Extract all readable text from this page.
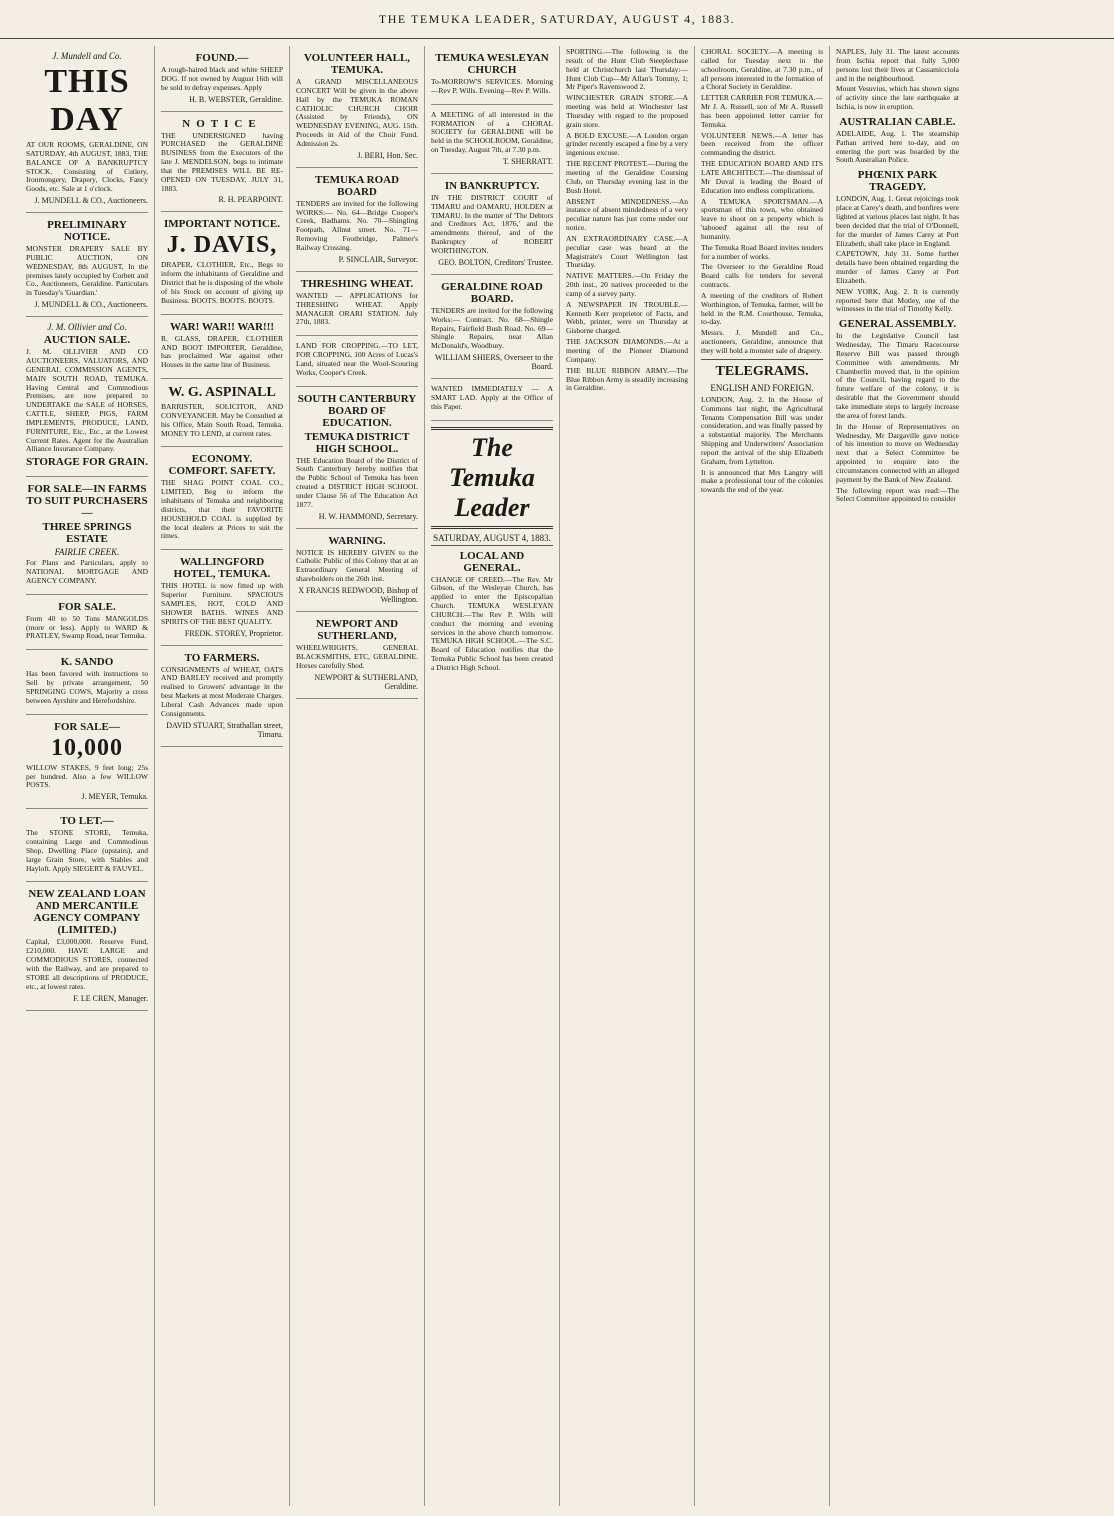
THE TEMUKA LEADER, SATURDAY, AUGUST 4, 1883.
J. Mundell and Co.
THIS DAY
AT OUR ROOMS, GERALDINE, ON SATURDAY, 4th AUGUST, 1883, THE BALANCE OF A BANKRUPTCY STOCK. Consisting of Cutlery, Ironmongery, Drapery, Clocks, Fancy Goods, etc. Sale at 1 o'clock.
J. MUNDELL & CO., Auctioneers.
PRELIMINARY NOTICE.
MONSTER DRAPERY SALE BY PUBLIC AUCTION, ON WEDNESDAY, 8th AUGUST, In the premises lately occupied by Corbett and Co., Auctioneers, Geraldine. Particulars in Tuesday's 'Guardian.'
J. MUNDELL & CO., Auctioneers.
J. M. Ollivier and Co.
AUCTION SALE.
J. M. OLLIVIER AND CO AUCTIONEERS, VALUATORS, AND GENERAL COMMISSION AGENTS, MAIN SOUTH ROAD, TEMUKA. Having Central and Commodious Premises, are now prepared to UNDERTAKE the SALE of HORSES, CATTLE, SHEEP, PIGS, FARM IMPLEMENTS, PRODUCE, LAND, FURNITURE, Etc., Etc., at the Lowest Current Rates. Agent for the Australian Alliance Insurance Company.
STORAGE FOR GRAIN.
FOR SALE—IN FARMS TO SUIT PURCHASERS—
THREE SPRINGS ESTATE
FAIRLIE CREEK.
For Plans and Particulars, apply to NATIONAL MORTGAGE AND AGENCY COMPANY.
FOR SALE.
From 40 to 50 Tons MANGOLDS (more or less). Apply to WARD & PRATLEY, Swamp Road, near Temuka.
K. SANDO
Has been favored with instructions to Sell by private arrangement, 50 SPRINGING COWS, Majority a cross between Ayrshire and Herefordshire.
FOR SALE—
10,000
WILLOW STAKES, 9 feet long; 25s per hundred. Also a few WILLOW POSTS.
J. MEYER, Temuka.
TO LET.—
The STONE STORE, Temuka, containing Large and Commodious Shop, Dwelling Place (upstairs), and large Grain Store, with Stables and Hayloft. Apply SIEGERT & FAUVEL.
NEW ZEALAND LOAN AND MERCANTILE AGENCY COMPANY (LIMITED.)
Capital, £3,000,000. Reserve Fund, £210,000. HAVE LARGE and COMMODIOUS STORES, connected with the Railway, and are prepared to STORE all descriptions of PRODUCE, etc., at lowest rates.
F. LE CREN, Manager.
FOUND.—
A rough-haired black and white SHEEP DOG. If not owned by August 16th will be sold to defray expenses. Apply
H. B. WEBSTER, Geraldine.
NOTICE
THE UNDERSIGNED having PURCHASED the GERALDINE BUSINESS from the Executors of the late J. MENDELSON, begs to intimate that the PREMISES WILL BE RE-OPENED ON TUESDAY, JULY 31, 1883.
R. H. PEARPOINT.
IMPORTANT NOTICE.
J. DAVIS,
DRAPER, CLOTHIER, Etc., Begs to inform the inhabitants of Geraldine and District that he is disposing of the whole of his Stock on account of giving up Business. BOOTS. BOOTS. BOOTS.
WAR! WAR!! WAR!!!
R. GLASS, DRAPER, CLOTHIER AND BOOT IMPORTER, Geraldine, has proclaimed War against other Houses in the same line of Business.
W. G. ASPINALL
BARRISTER, SOLICITOR, AND CONVEYANCER. May be Consulted at his Office, Main South Road, Temuka. MONEY TO LEND, at current rates.
ECONOMY. COMFORT. SAFETY.
THE SHAG POINT COAL CO., LIMITED, Beg to inform the inhabitants of Temuka and neighboring districts, that their FAVORITE HOUSEHOLD COAL is supplied by the local dealers at Prices to suit the times.
WALLINGFORD HOTEL, TEMUKA.
THIS HOTEL is now fitted up with Superior Furniture. SPACIOUS SAMPLES, HOT, COLD AND SHOWER BATHS. WINES AND SPIRITS OF THE BEST QUALITY.
FREDK. STOREY, Proprietor.
TO FARMERS.
CONSIGNMENTS of WHEAT, OATS AND BARLEY received and promptly realised to Growers' advantage in the best Markets at most Moderate Charges. Liberal Cash Advances made upon Consignments.
DAVID STUART, Strathallan street, Timaru.
VOLUNTEER HALL, TEMUKA.
A GRAND MISCELLANEOUS CONCERT Will be given in the above Hall by the TEMUKA ROMAN CATHOLIC CHURCH CHOIR (Assisted by Friends), ON WEDNESDAY EVENING, AUG. 15th. Proceeds in Aid of the Choir Fund. Admission 2s.
J. BERI, Hon. Sec.
TEMUKA ROAD BOARD
TENDERS are invited for the following WORKS:— No. 64—Bridge Cooper's Creek, Badhams. No. 70—Shingling Footpath, Allnut street. No. 71—Removing Footbridge, Palmer's Railway Crossing.
P. SINCLAIR, Surveyor.
THRESHING WHEAT.
WANTED — APPLICATIONS for THRESHING WHEAT. Apply MANAGER ORARI STATION. July 27th, 1883.
LAND FOR CROPPING.—TO LET, FOR CROPPING, 100 Acres of Lucas's Land, situated near the Wool-Scouring Works, Cooper's Creek.
SOUTH CANTERBURY BOARD OF EDUCATION.
TEMUKA DISTRICT HIGH SCHOOL.
THE Education Board of the District of South Canterbury hereby notifies that the Public School of Temuka has been created a DISTRICT HIGH SCHOOL under Clause 56 of The Education Act 1877.
H. W. HAMMOND, Secretary.
WARNING.
NOTICE IS HEREBY GIVEN to the Catholic Public of this Colony that at an Extraordinary General Meeting of shareholders on the 26th inst.
X FRANCIS REDWOOD, Bishop of Wellington.
NEWPORT AND SUTHERLAND,
WHEELWRIGHTS, GENERAL BLACKSMITHS, ETC, GERALDINE. Horses carefully Shod.
NEWPORT & SUTHERLAND, Geraldine.
TEMUKA WESLEYAN CHURCH
To-MORROW'S SERVICES. Morning—Rev P. Wills. Evening—Rev P. Wills.
A MEETING of all interested in the FORMATION of a CHORAL SOCIETY for GERALDINE will be held in the SCHOOLROOM, Geraldine, on Tuesday, August 7th, at 7.30 p.m.
T. SHERRATT.
IN BANKRUPTCY.
IN THE DISTRICT COURT of TIMARU and OAMARU, HOLDEN at TIMARU. In the matter of 'The Debtors and Creditors Act, 1876,' and the amendments thereof, and of the Bankruptcy of ROBERT WORTHINGTON.
GEO. BOLTON, Creditors' Trustee.
GERALDINE ROAD BOARD.
TENDERS are invited for the following Works:— Contract. No. 68—Shingle Repairs, Fairfield Bush Road. No. 69—Shingle Repairs, near Allan McDonald's, Woodbury.
WILLIAM SHIERS, Overseer to the Board.
WANTED IMMEDIATELY — A SMART LAD. Apply at the Office of this Paper.
The Temuka Leader
SATURDAY, AUGUST 4, 1883.
LOCAL AND GENERAL.
CHANGE OF CREED.—The Rev. Mr Gibson, of the Wesleyan Church, has applied to enter the Episcopalian Church. TEMUKA WESLEYAN CHURCH.—The Rev P. Wills will conduct the morning and evening services in the above church tomorrow. TEMUKA HIGH SCHOOL.—The S.C. Board of Education notifies that the Temuka Public School has been created a District High School.
SPORTING.—The following is the result of the Hunt Club Steeplechase held at Christchurch last Thursday:—Hunt Club Cup—Mr Allan's Tommy, 1; Mr Piper's Ravenswood 2.
WINCHESTER GRAIN STORE.—A meeting was held at Winchester last Thursday with regard to the proposed grain store.
A BOLD EXCUSE.—A London organ grinder recently escaped a fine by a very ingenious excuse.
THE RECENT PROTEST.—During the meeting of the Geraldine Coursing Club, on Thursday evening last in the Bush Hotel.
ABSENT MINDEDNESS.—An instance of absent mindedness of a very peculiar nature has just come under our notice.
AN EXTRAORDINARY CASE.—A peculiar case was heard at the Magistrate's Court Wellington last Thursday.
NATIVE MATTERS.—On Friday the 20th inst., 20 natives proceeded to the camp of a survey party.
A NEWSPAPER IN TROUBLE.—Kenneth Kerr proprietor of Facts, and Webb, printer, were on Thursday at Gisborne charged.
THE JACKSON DIAMONDS.—At a meeting of the Pioneer Diamond Company.
THE BLUE RIBBON ARMY.—The Blue Ribbon Army is steadily increasing in Geraldine.
CHORAL SOCIETY.—A meeting is called for Tuesday next in the schoolroom, Geraldine, at 7.30 p.m., of all persons interested in the formation of a Choral Society in Geraldine.
LETTER CARRIER FOR TEMUKA.—Mr J. A. Russell, son of Mr A. Russell has been appointed letter carrier for Temuka.
VOLUNTEER NEWS.—A letter has been received from the officer commanding the district.
THE EDUCATION BOARD AND ITS LATE ARCHITECT.—The dismissal of Mr Duval is leading the Board of Education into endless complications.
A TEMUKA SPORTSMAN.—A sportsman of this town, who obtained leave to shoot on a property which is 'tabooed' against all the rest of humanity.
The Temuka Road Board invites tenders for a number of works.
The Overseer to the Geraldine Road Board calls for tenders for several contracts.
A meeting of the creditors of Robert Worthington, of Temuka, farmer, will be held in the R.M. Courthouse, Temuka, to-day.
Messrs. J. Mundell and Co., auctioneers, Geraldine, announce that they will hold a monster sale of drapery.
TELEGRAMS.
ENGLISH AND FOREIGN.
LONDON, Aug. 2. In the House of Commons last night, the Agricultural Tenants Compensation Bill was under consideration, and was finally passed by a substantial majority. The Merchants Shipping and Underwriters' Association report the arrival of the ship Elizabeth Graham, from Lyttelton.
It is announced that Mrs Langtry will make a professional tour of the colonies towards the end of the year.
NAPLES, July 31. The latest accounts from Ischia report that fully 5,000 persons lost their lives at Cassamicciola and in the neighbourhood.
Mount Vesuvius, which has shown signs of activity since the late earthquake at Ischia, is now in eruption.
AUSTRALIAN CABLE.
ADELAIDE, Aug. 1. The steamship Pathan arrived here to-day, and on entering the port was boarded by the South Australian Police.
PHŒNIX PARK TRAGEDY.
LONDON, Aug. 1. Great rejoicings took place at Carey's death, and bonfires were lighted at various places last night. It has been decided that the trial of O'Donnell, for the murder of James Carey at Port Elizabeth, shall take place in England.
CAPETOWN, July 31. Some further details have been obtained regarding the murder of James Carey at Port Elizabeth.
NEW YORK, Aug. 2. It is currently reported here that Motley, one of the witnesses in the trial of Timothy Kelly.
GENERAL ASSEMBLY.
In the Legislative Council last Wednesday, The Timaru Racecourse Reserve Bill was passed through Committee with amendments. Mr Chamberlin moved that, in the opinion of the Council, having regard to the future welfare of the colony, it is desirable that the Government should take immediate steps to largely increase the area of forest lands.
In the House of Representatives on Wednesday, Mr Dargaville gave notice of his intention to move on Wednesday next that a Select Committee be appointed to enquire into the circumstances connected with an alleged payment by the Bank of New Zealand.
The following report was read:—The Select Committee appointed to consider
